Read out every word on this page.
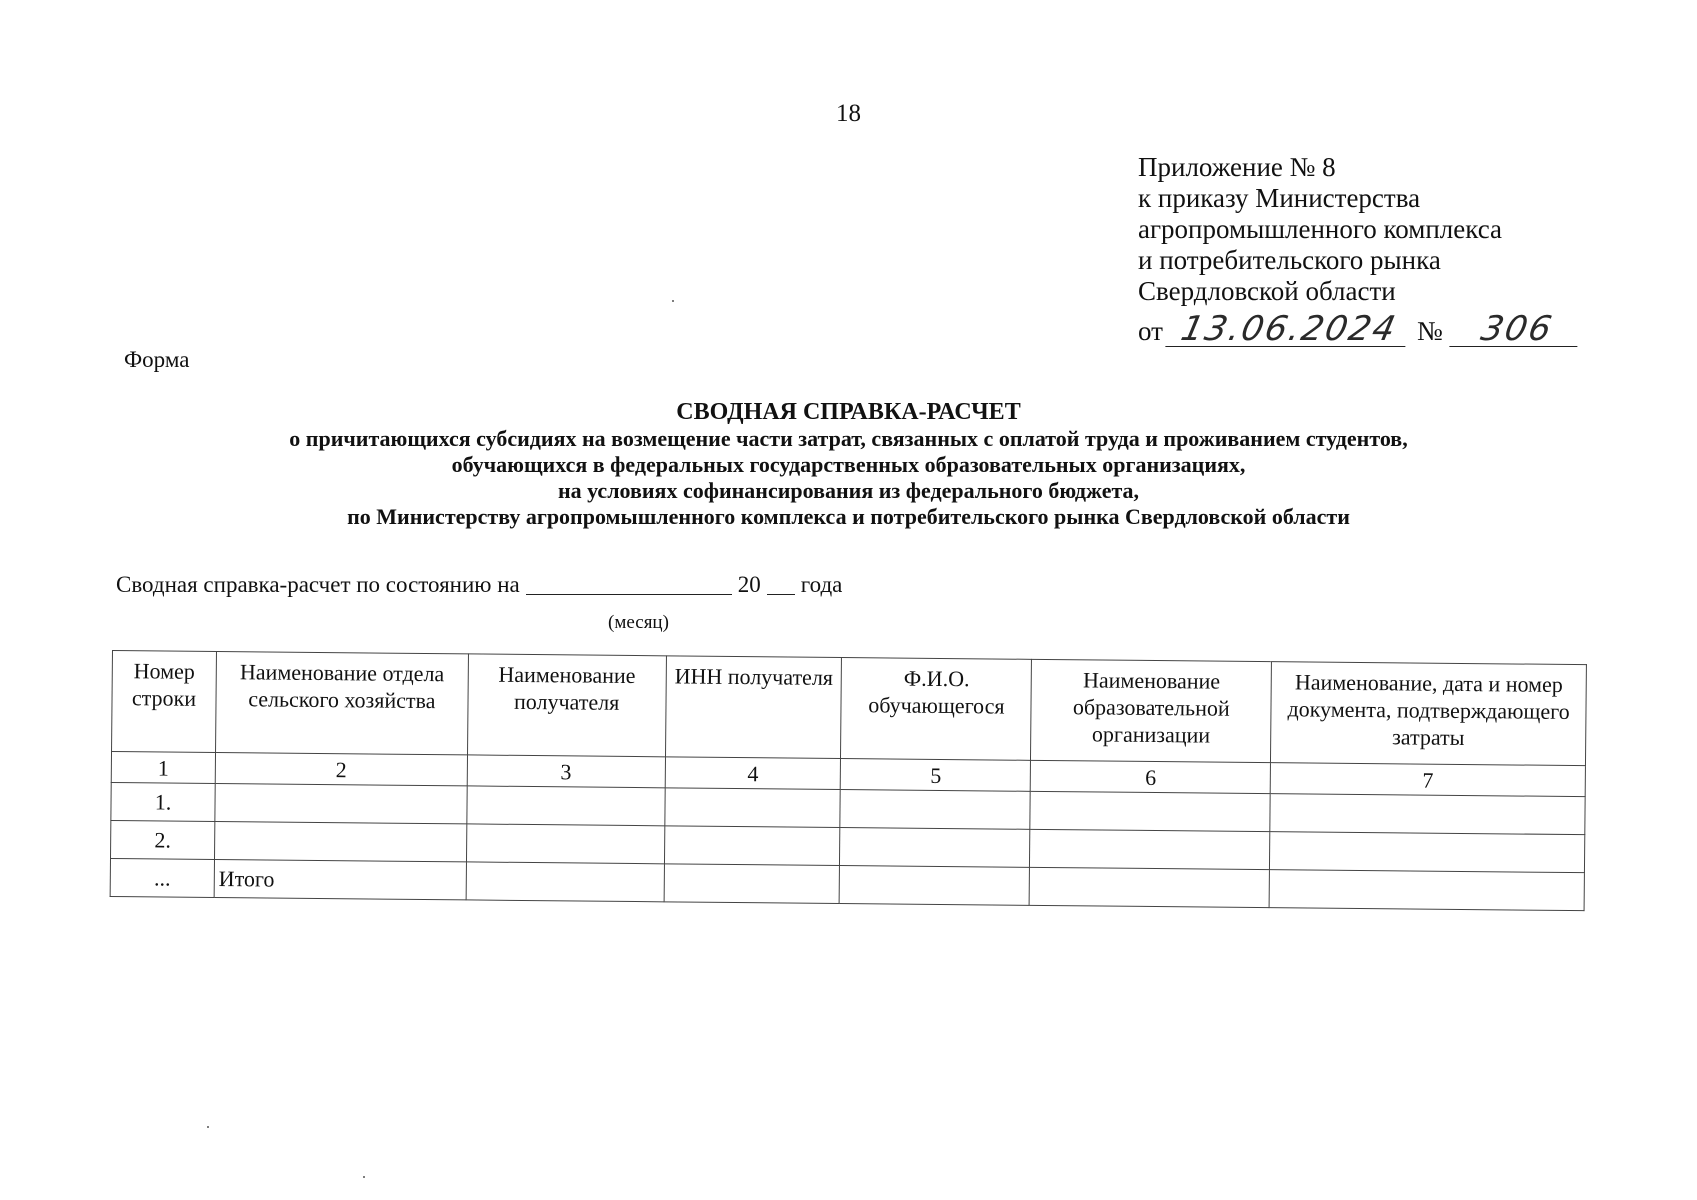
18
Приложение № 8
к приказу Министерства
агропромышленного комплекса
и потребительского рынка
Свердловской области
от 13.06.2024 №	306
Форма
СВОДНАЯ СПРАВКА-РАСЧЕТ
о причитающихся субсидиях на возмещение части затрат, связанных с оплатой труда и проживанием студентов,
обучающихся в федеральных государственных образовательных организациях,
на условиях софинансирования из федерального бюджета,
по Министерству агропромышленного комплекса и потребительского рынка Свердловской области
Сводная справка-расчет по состоянию на	20 года
(месяц)
Номер строки	Наименование отдела сельского хозяйства	Наименование получателя	ИНН получателя	Ф.И.О. обучающегося	Наименование образовательной организации	Наименование, дата и номер документа, подтверждающего затраты
1	2	3	4	5	6	7
1.						
2.						
...	Итого					
